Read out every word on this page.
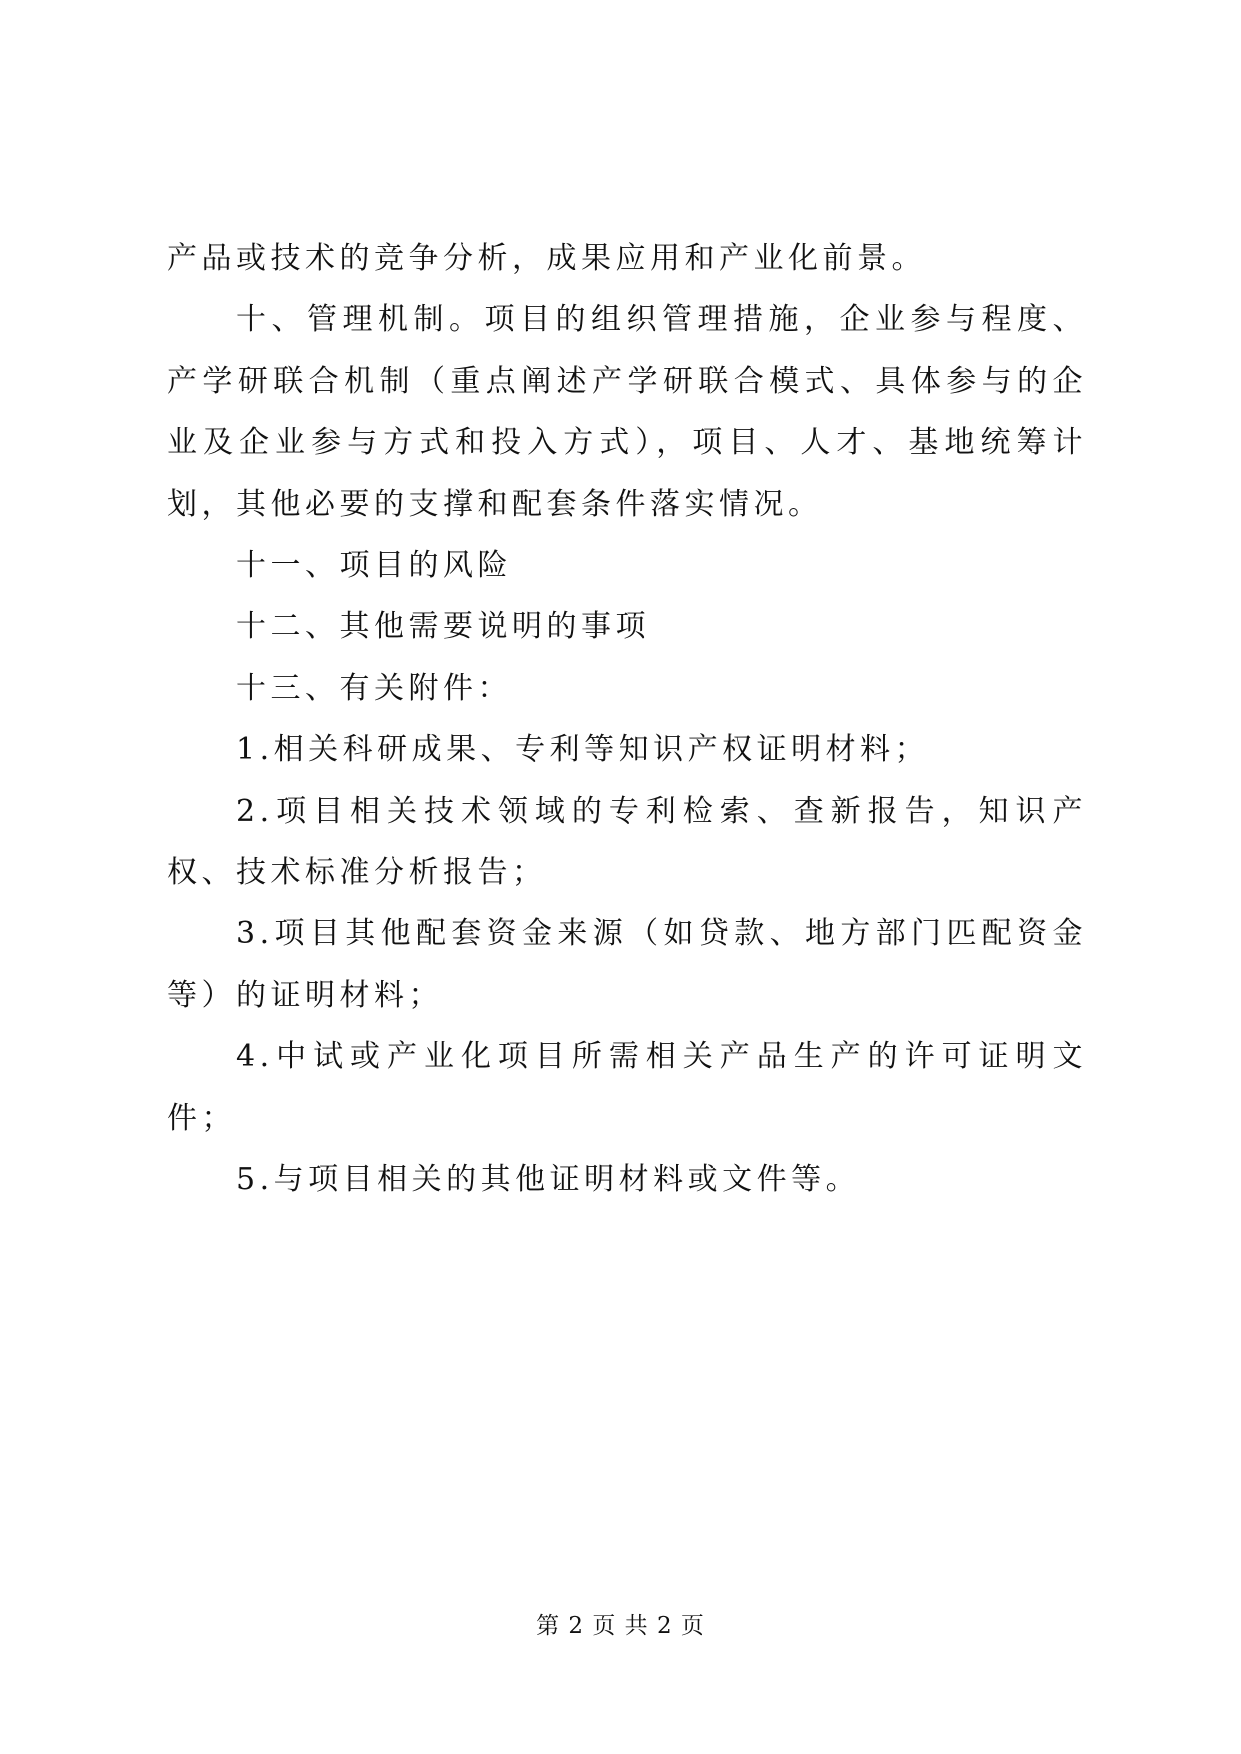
产品或技术的竞争分析，成果应用和产业化前景。

十、管理机制。项目的组织管理措施，企业参与程度、产学研联合机制（重点阐述产学研联合模式、具体参与的企业及企业参与方式和投入方式），项目、人才、基地统筹计划，其他必要的支撑和配套条件落实情况。

十一、项目的风险

十二、其他需要说明的事项

十三、有关附件：

1.相关科研成果、专利等知识产权证明材料；

2.项目相关技术领域的专利检索、查新报告，知识产权、技术标准分析报告；

3.项目其他配套资金来源（如贷款、地方部门匹配资金等）的证明材料；

4.中试或产业化项目所需相关产品生产的许可证明文件；

5.与项目相关的其他证明材料或文件等。

第 2 页 共 2 页
